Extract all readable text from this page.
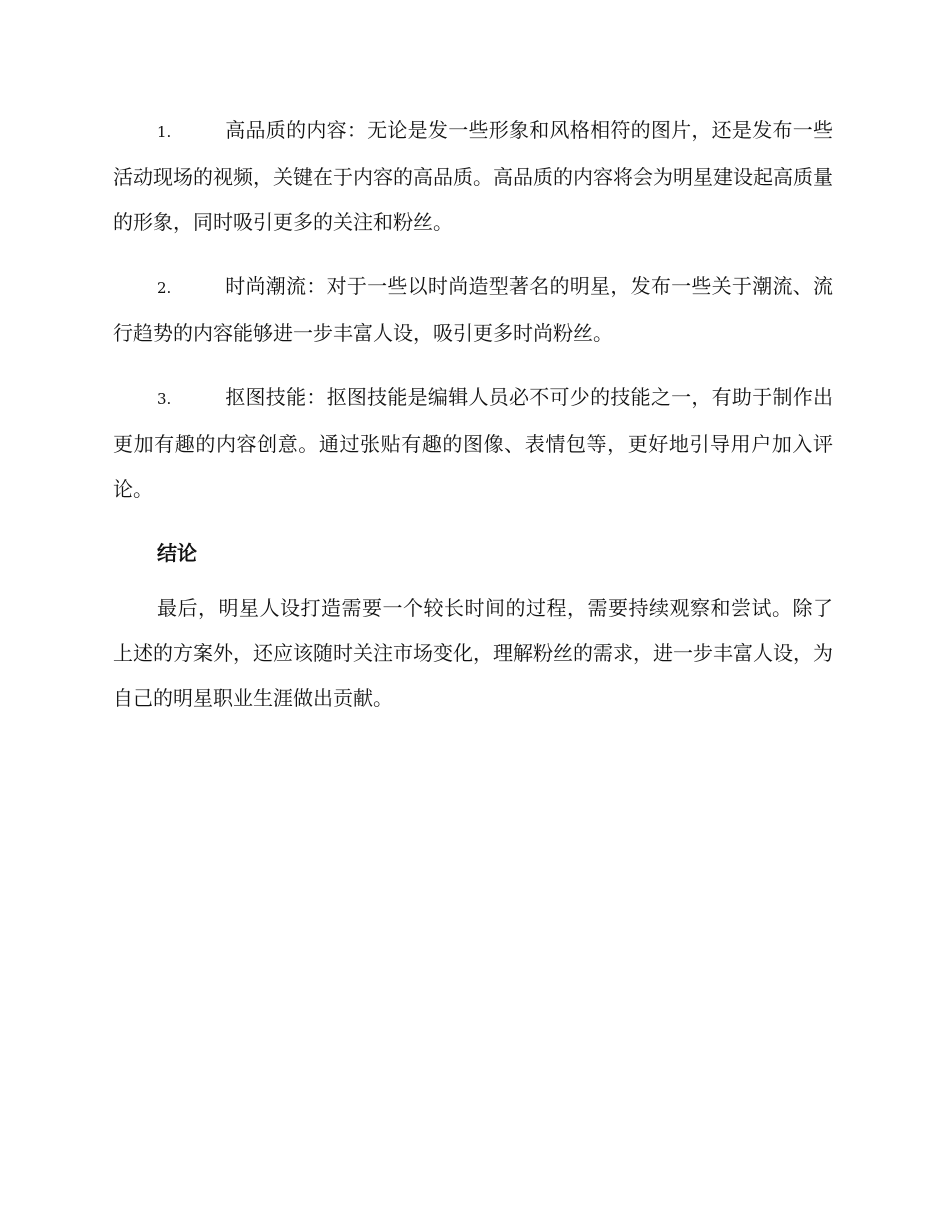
1.	高品质的内容：无论是发一些形象和风格相符的图片，还是发布一些活动现场的视频，关键在于内容的高品质。高品质的内容将会为明星建设起高质量的形象，同时吸引更多的关注和粉丝。

2.	时尚潮流：对于一些以时尚造型著名的明星，发布一些关于潮流、流行趋势的内容能够进一步丰富人设，吸引更多时尚粉丝。

3.	抠图技能：抠图技能是编辑人员必不可少的技能之一，有助于制作出更加有趣的内容创意。通过张贴有趣的图像、表情包等，更好地引导用户加入评论。

结论

最后，明星人设打造需要一个较长时间的过程，需要持续观察和尝试。除了上述的方案外，还应该随时关注市场变化，理解粉丝的需求，进一步丰富人设，为自己的明星职业生涯做出贡献。
